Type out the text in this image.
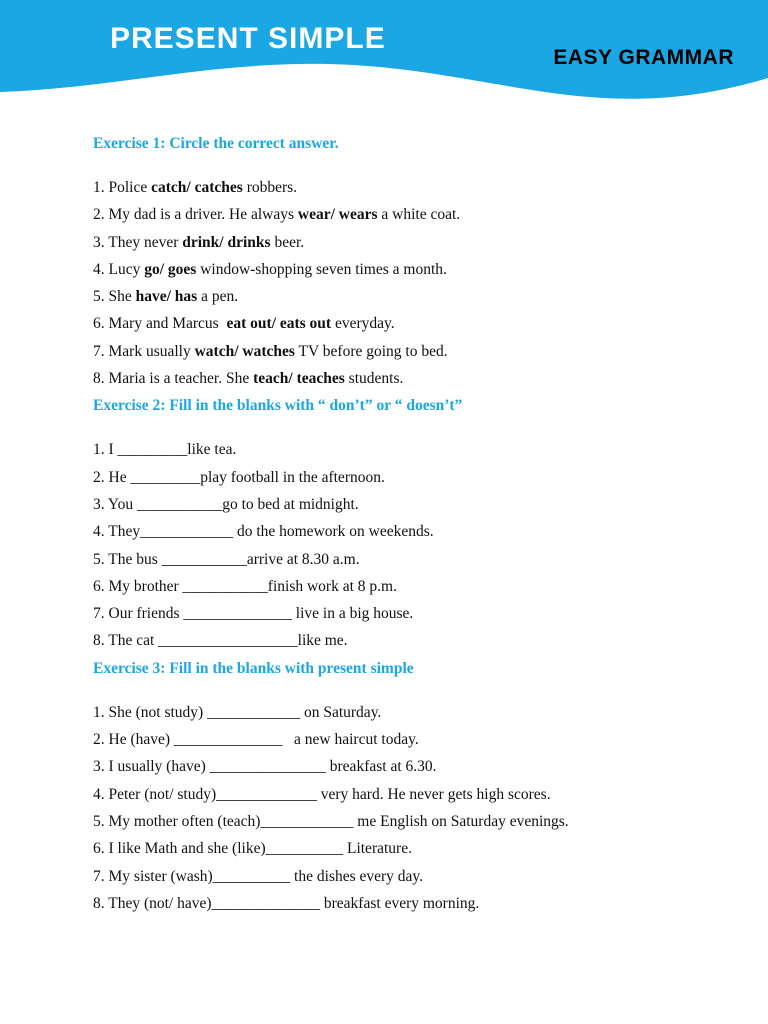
PRESENT SIMPLE
EASY GRAMMAR

Exercise 1: Circle the correct answer.

1. Police catch/ catches robbers.

2. My dad is a driver. He always wear/ wears a white coat.

3. They never drink/ drinks beer.

4. Lucy go/ goes window-shopping seven times a month.

5. She have/ has a pen.

6. Mary and Marcus  eat out/ eats out everyday.

7. Mark usually watch/ watches TV before going to bed.

8. Maria is a teacher. She teach/ teaches students.

Exercise 2: Fill in the blanks with “ don’t” or “ doesn’t”

1. I _________like tea.

2. He _________play football in the afternoon.

3. You ___________go to bed at midnight.

4. They____________ do the homework on weekends.

5. The bus ___________arrive at 8.30 a.m.

6. My brother ___________finish work at 8 p.m.

7. Our friends ______________ live in a big house.

8. The cat __________________like me.

Exercise 3: Fill in the blanks with present simple

1. She (not study) ____________ on Saturday.

2. He (have) ______________   a new haircut today.

3. I usually (have) _______________ breakfast at 6.30.

4. Peter (not/ study)_____________ very hard. He never gets high scores.

5. My mother often (teach)____________ me English on Saturday evenings.

6. I like Math and she (like)__________ Literature.

7. My sister (wash)__________ the dishes every day.

8. They (not/ have)______________ breakfast every morning.
